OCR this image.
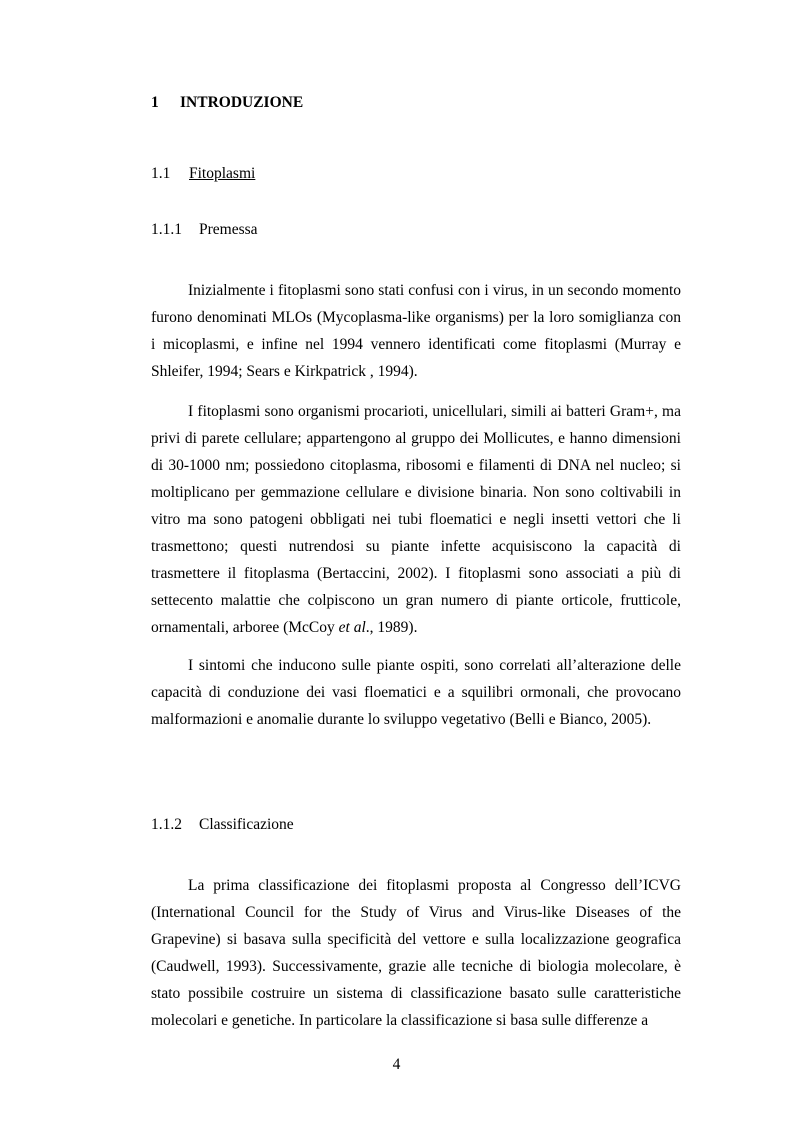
1 INTRODUZIONE
1.1 Fitoplasmi
1.1.1 Premessa

Inizialmente i fitoplasmi sono stati confusi con i virus, in un secondo momento furono denominati MLOs (Mycoplasma-like organisms) per la loro somiglianza con i micoplasmi, e infine nel 1994 vennero identificati come fitoplasmi (Murray e Shleifer, 1994; Sears e Kirkpatrick , 1994).

I fitoplasmi sono organismi procarioti, unicellulari, simili ai batteri Gram+, ma privi di parete cellulare; appartengono al gruppo dei Mollicutes, e hanno dimensioni di 30-1000 nm; possiedono citoplasma, ribosomi e filamenti di DNA nel nucleo; si moltiplicano per gemmazione cellulare e divisione binaria. Non sono coltivabili in vitro ma sono patogeni obbligati nei tubi floematici e negli insetti vettori che li trasmettono; questi nutrendosi su piante infette acquisiscono la capacità di trasmettere il fitoplasma (Bertaccini, 2002). I fitoplasmi sono associati a più di settecento malattie che colpiscono un gran numero di piante orticole, frutticole, ornamentali, arboree (McCoy et al., 1989).

I sintomi che inducono sulle piante ospiti, sono correlati all’alterazione delle capacità di conduzione dei vasi floematici e a squilibri ormonali, che provocano malformazioni e anomalie durante lo sviluppo vegetativo (Belli e Bianco, 2005).

1.1.2 Classificazione

La prima classificazione dei fitoplasmi proposta al Congresso dell’ICVG (International Council for the Study of Virus and Virus-like Diseases of the Grapevine) si basava sulla specificità del vettore e sulla localizzazione geografica (Caudwell, 1993). Successivamente, grazie alle tecniche di biologia molecolare, è stato possibile costruire un sistema di classificazione basato sulle caratteristiche molecolari e genetiche. In particolare la classificazione si basa sulle differenze a

4
